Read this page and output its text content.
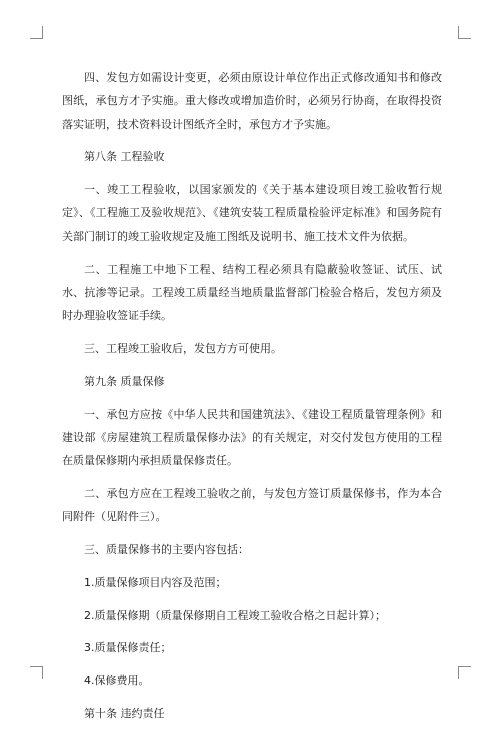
四、发包方如需设计变更，必须由原设计单位作出正式修改通知书和修改图纸，承包方才予实施。重大修改或增加造价时，必须另行协商，在取得投资落实证明，技术资料设计图纸齐全时，承包方才予实施。

第八条 工程验收

一、竣工工程验收，以国家颁发的《关于基本建设项目竣工验收暂行规定》、《工程施工及验收规范》、《建筑安装工程质量检验评定标准》和国务院有关部门制订的竣工验收规定及施工图纸及说明书、施工技术文件为依据。

二、工程施工中地下工程、结构工程必须具有隐蔽验收签证、试压、试水、抗渗等记录。工程竣工质量经当地质量监督部门检验合格后，发包方须及时办理验收签证手续。

三、工程竣工验收后，发包方方可使用。

第九条 质量保修

一、承包方应按《中华人民共和国建筑法》、《建设工程质量管理条例》和建设部《房屋建筑工程质量保修办法》的有关规定，对交付发包方使用的工程在质量保修期内承担质量保修责任。

二、承包方应在工程竣工验收之前，与发包方签订质量保修书，作为本合同附件（见附件三）。

三、质量保修书的主要内容包括：

1.质量保修项目内容及范围；

2.质量保修期（质量保修期自工程竣工验收合格之日起计算）；

3.质量保修责任；

4.保修费用。

第十条 违约责任
